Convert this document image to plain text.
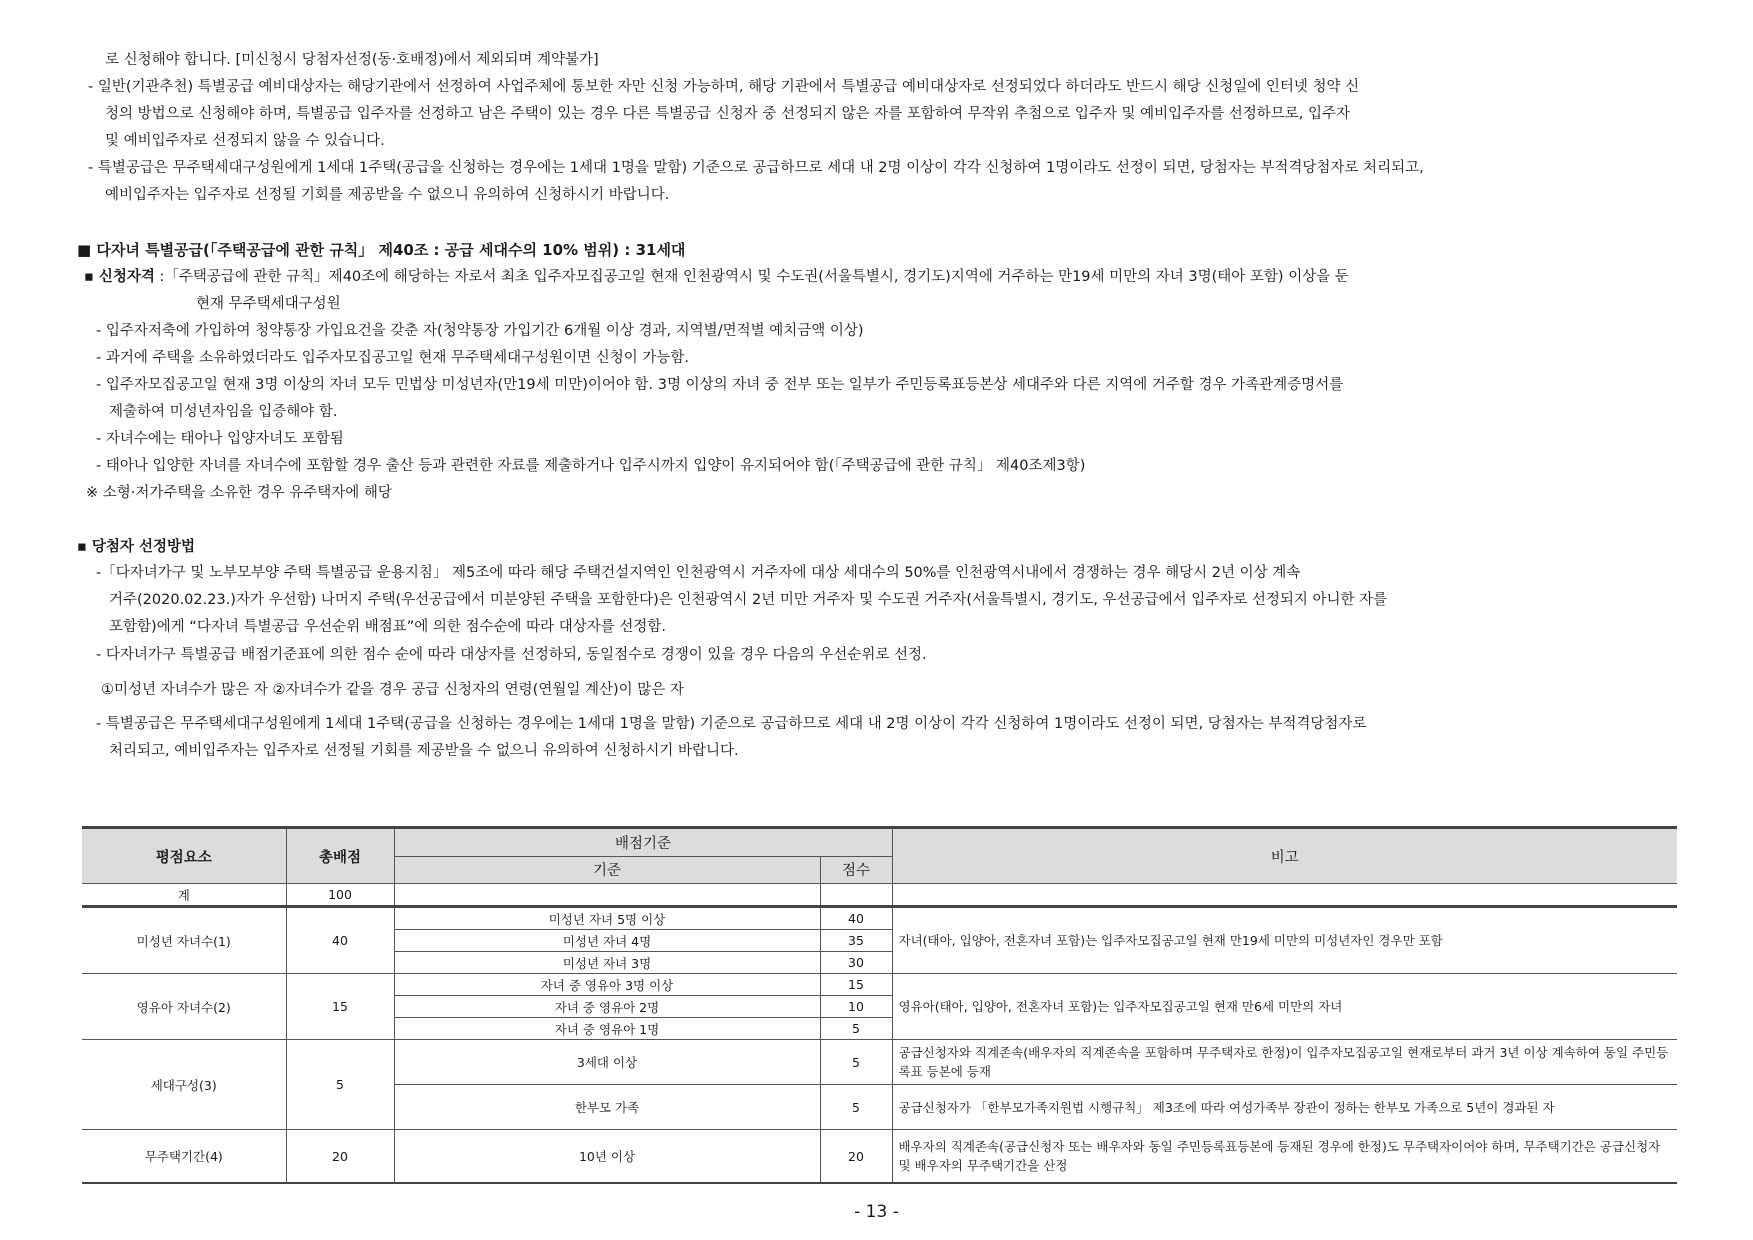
로 신청해야 합니다. [미신청시 당첨자선정(동·호배정)에서 제외되며 계약불가]
- 일반(기관추천) 특별공급 예비대상자는 해당기관에서 선정하여 사업주체에 통보한 자만 신청 가능하며, 해당 기관에서 특별공급 예비대상자로 선정되었다 하더라도 반드시 해당 신청일에 인터넷 청약 신
청의 방법으로 신청해야 하며, 특별공급 입주자를 선정하고 남은 주택이 있는 경우 다른 특별공급 신청자 중 선정되지 않은 자를 포함하여 무작위 추첨으로 입주자 및 예비입주자를 선정하므로, 입주자
및 예비입주자로 선정되지 않을 수 있습니다.
- 특별공급은 무주택세대구성원에게 1세대 1주택(공급을 신청하는 경우에는 1세대 1명을 말함) 기준으로 공급하므로 세대 내 2명 이상이 각각 신청하여 1명이라도 선정이 되면, 당첨자는 부적격당첨자로 처리되고,
예비입주자는 입주자로 선정될 기회를 제공받을 수 없으니 유의하여 신청하시기 바랍니다.
■ 다자녀 특별공급(「주택공급에 관한 규칙」 제40조 : 공급 세대수의 10% 범위) : 31세대
▪ 신청자격 :「주택공급에 관한 규칙」제40조에 해당하는 자로서 최초 입주자모집공고일 현재 인천광역시 및 수도권(서울특별시, 경기도)지역에 거주하는 만19세 미만의 자녀 3명(태아 포함) 이상을 둔
현재 무주택세대구성원
- 입주자저축에 가입하여 청약통장 가입요건을 갖춘 자(청약통장 가입기간 6개월 이상 경과, 지역별/면적별 예치금액 이상)
- 과거에 주택을 소유하였더라도 입주자모집공고일 현재 무주택세대구성원이면 신청이 가능함.
- 입주자모집공고일 현재 3명 이상의 자녀 모두 민법상 미성년자(만19세 미만)이어야 함. 3명 이상의 자녀 중 전부 또는 일부가 주민등록표등본상 세대주와 다른 지역에 거주할 경우 가족관계증명서를
제출하여 미성년자임을 입증해야 함.
- 자녀수에는 태아나 입양자녀도 포함됨
- 태아나 입양한 자녀를 자녀수에 포함할 경우 출산 등과 관련한 자료를 제출하거나 입주시까지 입양이 유지되어야 함(「주택공급에 관한 규칙」 제40조제3항)
※ 소형·저가주택을 소유한 경우 유주택자에 해당
▪ 당첨자 선정방법
-「다자녀가구 및 노부모부양 주택 특별공급 운용지침」 제5조에 따라 해당 주택건설지역인 인천광역시 거주자에 대상 세대수의 50%를 인천광역시내에서 경쟁하는 경우 해당시 2년 이상 계속
거주(2020.02.23.)자가 우선함) 나머지 주택(우선공급에서 미분양된 주택을 포함한다)은 인천광역시 2년 미만 거주자 및 수도권 거주자(서울특별시, 경기도, 우선공급에서 입주자로 선정되지 아니한 자를
포함함)에게 “다자녀 특별공급 우선순위 배점표”에 의한 점수순에 따라 대상자를 선정함.
- 다자녀가구 특별공급 배점기준표에 의한 점수 순에 따라 대상자를 선정하되, 동일점수로 경쟁이 있을 경우 다음의 우선순위로 선정.
①미성년 자녀수가 많은 자 ②자녀수가 같을 경우 공급 신청자의 연령(연월일 계산)이 많은 자
- 특별공급은 무주택세대구성원에게 1세대 1주택(공급을 신청하는 경우에는 1세대 1명을 말함) 기준으로 공급하므로 세대 내 2명 이상이 각각 신청하여 1명이라도 선정이 되면, 당첨자는 부적격당첨자로
처리되고, 예비입주자는 입주자로 선정될 기회를 제공받을 수 없으니 유의하여 신청하시기 바랍니다.
평점요소	총배점	배점기준		비고
		기준	점수	
계	100			
미성년 자녀수(1)	40	미성년 자녀 5명 이상	40	자녀(태아, 입양아, 전혼자녀 포함)는 입주자모집공고일 현재 만19세 미만의 미성년자인 경우만 포함
		미성년 자녀 4명	35	
		미성년 자녀 3명	30	
영유아 자녀수(2)	15	자녀 중 영유아 3명 이상	15	영유아(태아, 입양아, 전혼자녀 포함)는 입주자모집공고일 현재 만6세 미만의 자녀
		자녀 중 영유아 2명	10	
		자녀 중 영유아 1명	5	
세대구성(3)	5	3세대 이상	5	공급신청자와 직계존속(배우자의 직계존속을 포함하며 무주택자로 한정)이 입주자모집공고일 현재로부터 과거 3년 이상 계속하여 동일 주민등록표 등본에 등재
		한부모 가족	5	공급신청자가 「한부모가족지원법 시행규칙」 제3조에 따라 여성가족부 장관이 정하는 한부모 가족으로 5년이 경과된 자
무주택기간(4)	20	10년 이상	20	배우자의 직계존속(공급신청자 또는 배우자와 동일 주민등록표등본에 등재된 경우에 한정)도 무주택자이어야 하며, 무주택기간은 공급신청자 및 배우자의 무주택기간을 산정
- 13 -
